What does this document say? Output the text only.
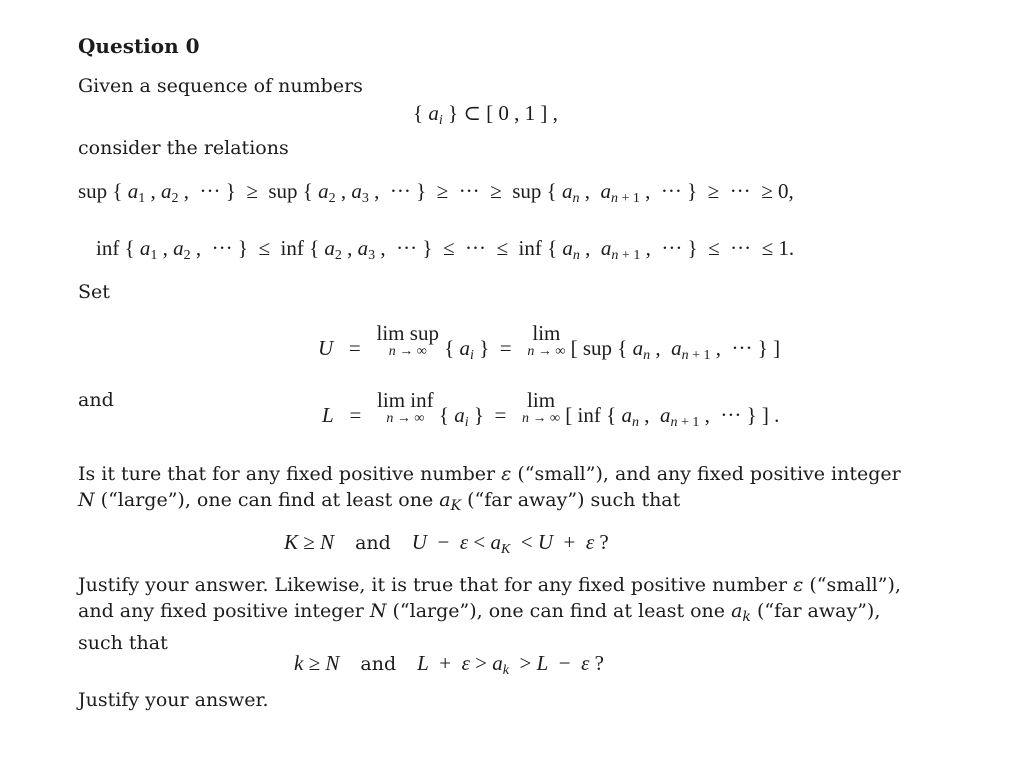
Question 0
Given a sequence of numbers
{ $a_i$ } ⊂ [ 0 , 1 ] ,
consider the relations
sup { a1 , a2 ,  ··· }  ≥  sup { a2 , a3 ,  ··· }  ≥  ···  ≥  sup { $a_n$ ,  $a_n + 1$ ,  ··· }  ≥  ···  ≥ 0,
inf { a1 , a2 ,  ··· }  ≤  inf { a2 , a3 ,  ··· }  ≤  ···  ≤  inf { $a_n$ ,  $a_n + 1$ ,  ··· }  ≤  ···  ≤ 1.
Set
U   =   lim sup
n → ∞ { $a_i$ }  =   lim
n → ∞ [ sup { $a_n$ ,  $a_n + 1$ ,  ··· } ]
and
L   =   lim inf
n → ∞ { $a_i$ }  =   lim
n → ∞ [ inf { $a_n$ ,  $a_n + 1$ ,  ··· } ] .
Is it ture that for any fixed positive number ε (“small”), and any fixed positive integer
N (“large”), one can find at least one $a_K$ (“far away”) such that
K ≥ N and $U - \varepsilon < a_K < U + \varepsilon$ ?
Justify your answer. Likewise, it is true that for any fixed positive number ε (“small”),
and any fixed positive integer N (“large”), one can find at least one $a_k$ (“far away”),
such that
k ≥ N and $L + \varepsilon > a_k > L - \varepsilon$ ?
Justify your answer.
